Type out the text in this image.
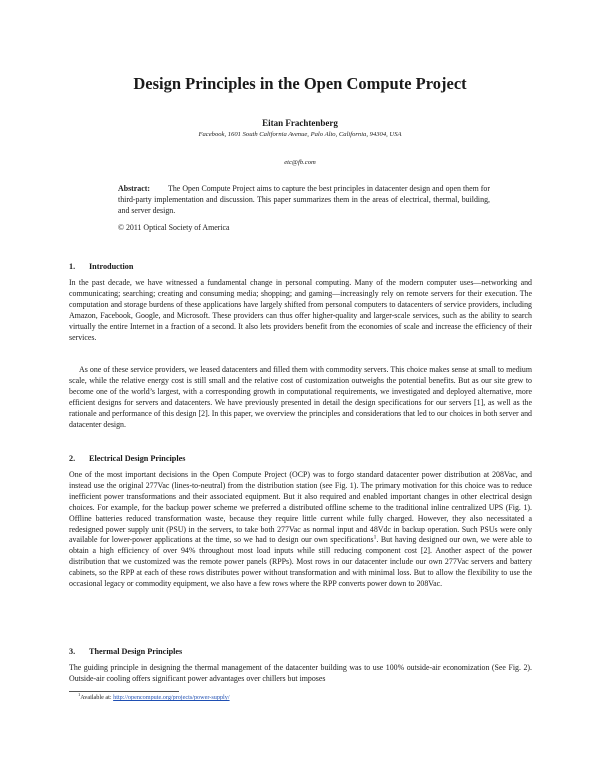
Design Principles in the Open Compute Project

Eitan Frachtenberg

Facebook, 1601 South California Avenue, Palo Alto, California, 94304, USA

etc@fb.com

Abstract: The Open Compute Project aims to capture the best principles in datacenter design and open them for third-party implementation and discussion. This paper summarizes them in the areas of electrical, thermal, building, and server design.

© 2011 Optical Society of America

1. Introduction

In the past decade, we have witnessed a fundamental change in personal computing. Many of the modern computer uses—networking and communicating; searching; creating and consuming media; shopping; and gaming—increasingly rely on remote servers for their execution. The computation and storage burdens of these applications have largely shifted from personal computers to datacenters of service providers, including Amazon, Facebook, Google, and Microsoft. These providers can thus offer higher-quality and larger-scale services, such as the ability to search virtually the entire Internet in a fraction of a second. It also lets providers benefit from the economies of scale and increase the efficiency of their services.

As one of these service providers, we leased datacenters and filled them with commodity servers. This choice makes sense at small to medium scale, while the relative energy cost is still small and the relative cost of customization outweighs the potential benefits. But as our site grew to become one of the world’s largest, with a corresponding growth in computational requirements, we investigated and deployed alternative, more efficient designs for servers and datacenters. We have previously presented in detail the design specifications for our servers [1], as well as the rationale and performance of this design [2]. In this paper, we overview the principles and considerations that led to our choices in both server and datacenter design.

2. Electrical Design Principles

One of the most important decisions in the Open Compute Project (OCP) was to forgo standard datacenter power distribution at 208Vac, and instead use the original 277Vac (lines-to-neutral) from the distribution station (see Fig. 1). The primary motivation for this choice was to reduce inefficient power transformations and their associated equipment. But it also required and enabled important changes in other electrical design choices. For example, for the backup power scheme we preferred a distributed offline scheme to the traditional inline centralized UPS (Fig. 1). Offline batteries reduced transformation waste, because they require little current while fully charged. However, they also necessitated a redesigned power supply unit (PSU) in the servers, to take both 277Vac as normal input and 48Vdc in backup operation. Such PSUs were only available for lower-power applications at the time, so we had to design our own specifications$^1$. But having designed our own, we were able to obtain a high efficiency of over 94% throughout most load inputs while still reducing component cost [2]. Another aspect of the power distribution that we customized was the remote power panels (RPPs). Most rows in our datacenter include our own 277Vac servers and battery cabinets, so the RPP at each of these rows distributes power without transformation and with minimal loss. But to allow the flexibility to use the occasional legacy or commodity equipment, we also have a few rows where the RPP converts power down to 208Vac.

3. Thermal Design Principles

The guiding principle in designing the thermal management of the datacenter building was to use 100% outside-air economization (See Fig. 2). Outside-air cooling offers significant power advantages over chillers but imposes

$^1$Available at: http://opencompute.org/projects/power-supply/
